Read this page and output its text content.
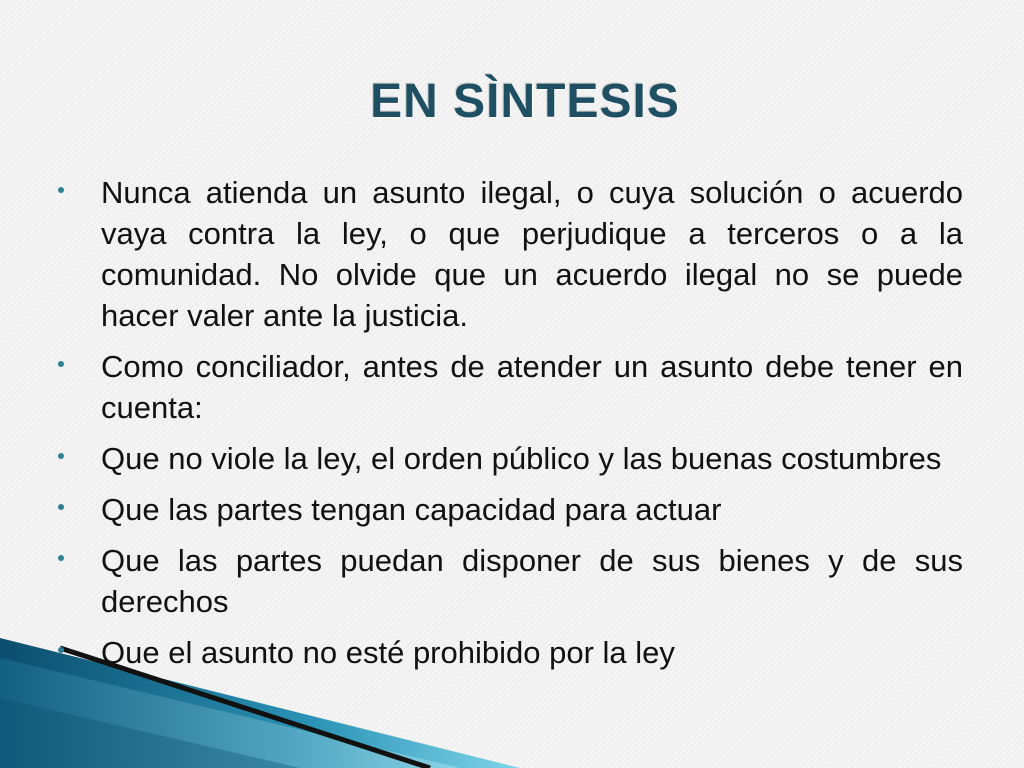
EN SÌNTESIS
Nunca atienda un asunto ilegal, o cuya solución o acuerdo vaya contra la ley, o que perjudique a terceros o a la comunidad. No olvide que un acuerdo ilegal no se puede hacer valer ante la justicia.
Como conciliador, antes de atender un asunto debe tener en cuenta:
Que no viole la ley, el orden público y las buenas costumbres
Que las partes tengan capacidad para actuar
Que las partes puedan disponer de sus bienes y de sus derechos
Que el asunto no esté prohibido por la ley
